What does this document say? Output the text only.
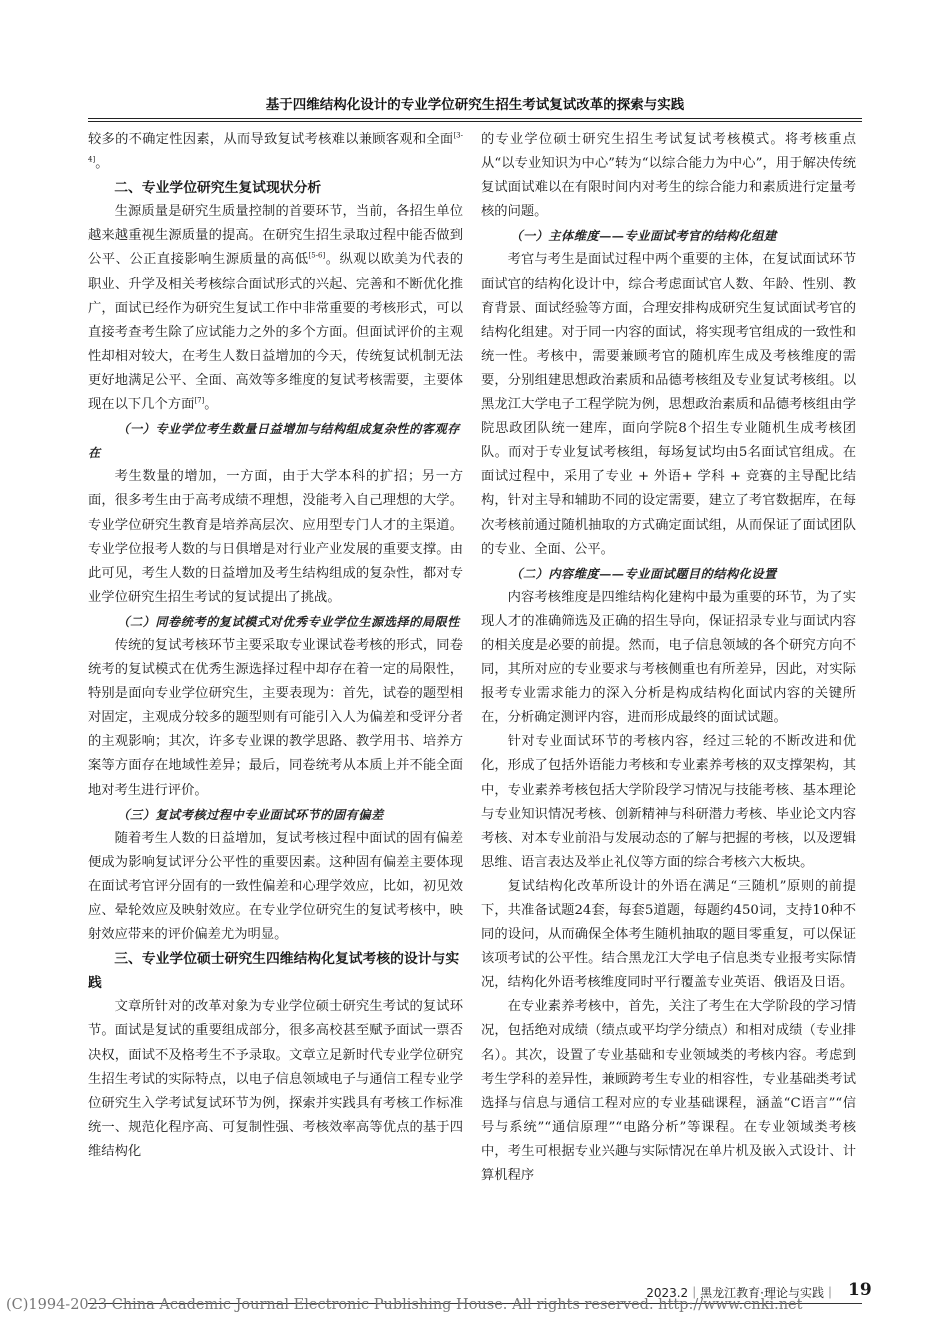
基于四维结构化设计的专业学位研究生招生考试复试改革的探索与实践

较多的不确定性因素，从而导致复试考核难以兼顾客观和全面[3-4]。

二、专业学位研究生复试现状分析

生源质量是研究生质量控制的首要环节，当前，各招生单位越来越重视生源质量的提高。在研究生招生录取过程中能否做到公平、公正直接影响生源质量的高低[5-6]。纵观以欧美为代表的职业、升学及相关考核综合面试形式的兴起、完善和不断优化推广，面试已经作为研究生复试工作中非常重要的考核形式，可以直接考查考生除了应试能力之外的多个方面。但面试评价的主观性却相对较大，在考生人数日益增加的今天，传统复试机制无法更好地满足公平、全面、高效等多维度的复试考核需要，主要体现在以下几个方面[7]。

（一）专业学位考生数量日益增加与结构组成复杂性的客观存在

考生数量的增加，一方面，由于大学本科的扩招；另一方面，很多考生由于高考成绩不理想，没能考入自己理想的大学。专业学位研究生教育是培养高层次、应用型专门人才的主渠道。专业学位报考人数的与日俱增是对行业产业发展的重要支撑。由此可见，考生人数的日益增加及考生结构组成的复杂性，都对专业学位研究生招生考试的复试提出了挑战。

（二）同卷统考的复试模式对优秀专业学位生源选择的局限性

传统的复试考核环节主要采取专业课试卷考核的形式，同卷统考的复试模式在优秀生源选择过程中却存在着一定的局限性，特别是面向专业学位研究生，主要表现为：首先，试卷的题型相对固定，主观成分较多的题型则有可能引入人为偏差和受评分者的主观影响；其次，许多专业课的教学思路、教学用书、培养方案等方面存在地域性差异；最后，同卷统考从本质上并不能全面地对考生进行评价。

（三）复试考核过程中专业面试环节的固有偏差

随着考生人数的日益增加，复试考核过程中面试的固有偏差便成为影响复试评分公平性的重要因素。这种固有偏差主要体现在面试考官评分固有的一致性偏差和心理学效应，比如，初见效应、晕轮效应及映射效应。在专业学位研究生的复试考核中，映射效应带来的评价偏差尤为明显。

三、专业学位硕士研究生四维结构化复试考核的设计与实践

文章所针对的改革对象为专业学位硕士研究生考试的复试环节。面试是复试的重要组成部分，很多高校甚至赋予面试一票否决权，面试不及格考生不予录取。文章立足新时代专业学位研究生招生考试的实际特点，以电子信息领域电子与通信工程专业学位研究生入学考试复试环节为例，探索并实践具有考核工作标准统一、规范化程序高、可复制性强、考核效率高等优点的基于四维结构化

的专业学位硕士研究生招生考试复试考核模式。将考核重点从“以专业知识为中心”转为“以综合能力为中心”，用于解决传统复试面试难以在有限时间内对考生的综合能力和素质进行定量考核的问题。

（一）主体维度——专业面试考官的结构化组建

考官与考生是面试过程中两个重要的主体，在复试面试环节面试官的结构化设计中，综合考虑面试官人数、年龄、性别、教育背景、面试经验等方面，合理安排构成研究生复试面试考官的结构化组建。对于同一内容的面试，将实现考官组成的一致性和统一性。考核中，需要兼顾考官的随机库生成及考核维度的需要，分别组建思想政治素质和品德考核组及专业复试考核组。以黑龙江大学电子工程学院为例，思想政治素质和品德考核组由学院思政团队统一建库，面向学院8个招生专业随机生成考核团队。而对于专业复试考核组，每场复试均由5名面试官组成。在面试过程中，采用了专业 + 外语+ 学科 + 竞赛的主导配比结构，针对主导和辅助不同的设定需要，建立了考官数据库，在每次考核前通过随机抽取的方式确定面试组，从而保证了面试团队的专业、全面、公平。

（二）内容维度——专业面试题目的结构化设置

内容考核维度是四维结构化建构中最为重要的环节，为了实现人才的准确筛选及正确的招生导向，保证招录专业与面试内容的相关度是必要的前提。然而，电子信息领域的各个研究方向不同，其所对应的专业要求与考核侧重也有所差异，因此，对实际报考专业需求能力的深入分析是构成结构化面试内容的关键所在，分析确定测评内容，进而形成最终的面试试题。

针对专业面试环节的考核内容，经过三轮的不断改进和优化，形成了包括外语能力考核和专业素养考核的双支撑架构，其中，专业素养考核包括大学阶段学习情况与技能考核、基本理论与专业知识情况考核、创新精神与科研潜力考核、毕业论文内容考核、对本专业前沿与发展动态的了解与把握的考核，以及逻辑思维、语言表达及举止礼仪等方面的综合考核六大板块。

复试结构化改革所设计的外语在满足“三随机”原则的前提下，共准备试题24套，每套5道题，每题约450词，支持10种不同的设问，从而确保全体考生随机抽取的题目零重复，可以保证该项考试的公平性。结合黑龙江大学电子信息类专业报考实际情况，结构化外语考核维度同时平行覆盖专业英语、俄语及日语。

在专业素养考核中，首先，关注了考生在大学阶段的学习情况，包括绝对成绩（绩点或平均学分绩点）和相对成绩（专业排名）。其次，设置了专业基础和专业领域类的考核内容。考虑到考生学科的差异性，兼顾跨考生专业的相容性，专业基础类考试选择与信息与通信工程对应的专业基础课程，涵盖“C语言”“信号与系统”“通信原理”“电路分析”等课程。在专业领域类考核中，考生可根据专业兴趣与实际情况在单片机及嵌入式设计、计算机程序

2023.2｜黑龙江教育·理论与实践｜ 19
(C)1994-2023 China Academic Journal Electronic Publishing House. All rights reserved. http://www.cnki.net
